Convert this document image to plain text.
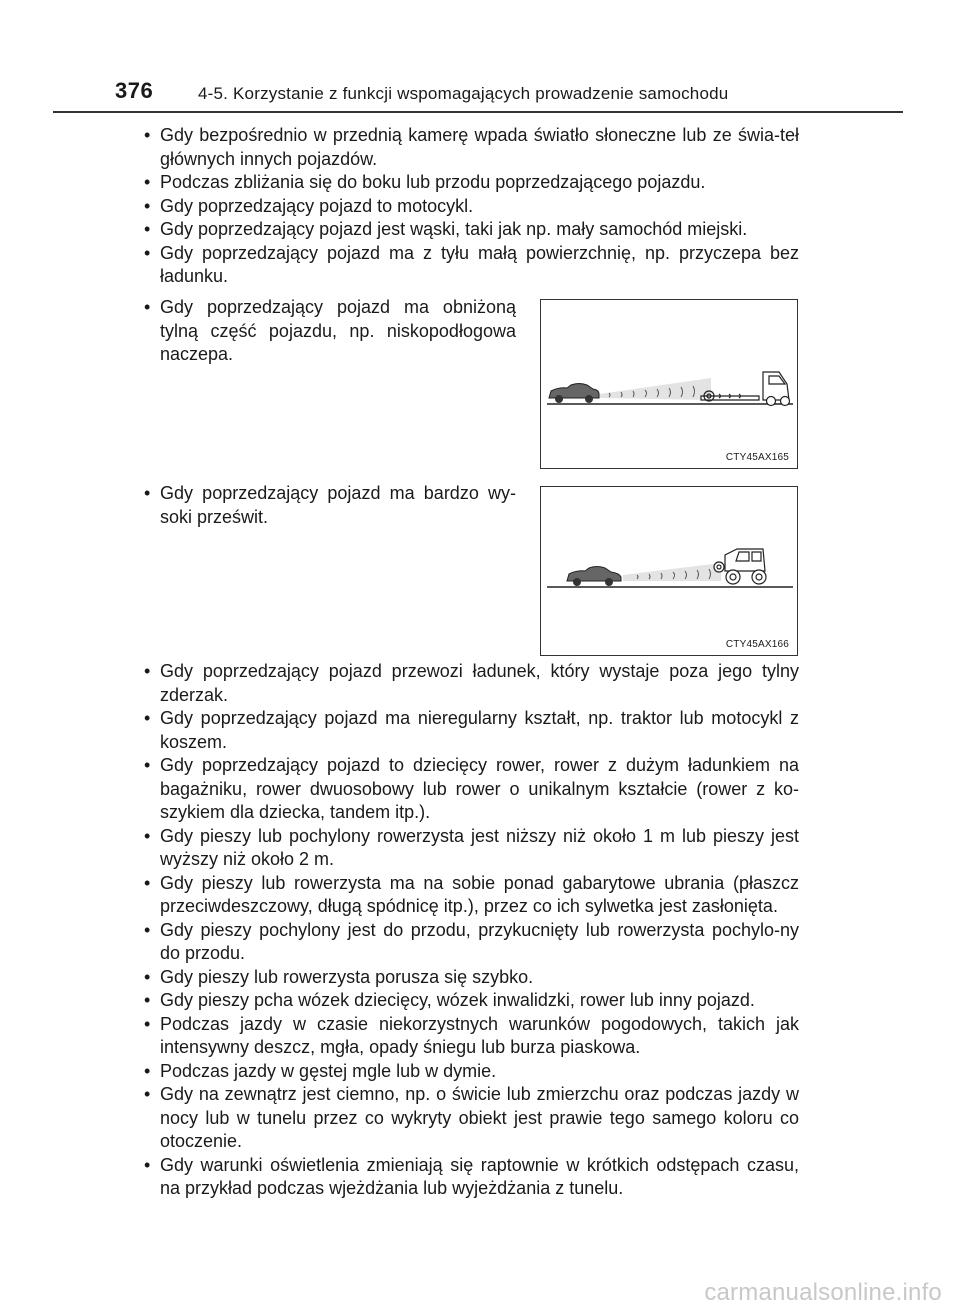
376	4-5. Korzystanie z funkcji wspomagających prowadzenie samochodu
• Gdy bezpośrednio w przednią kamerę wpada światło słoneczne lub ze świa-teł głównych innych pojazdów.
• Podczas zbliżania się do boku lub przodu poprzedzającego pojazdu.
• Gdy poprzedzający pojazd to motocykl.
• Gdy poprzedzający pojazd jest wąski, taki jak np. mały samochód miejski.
• Gdy poprzedzający pojazd ma z tyłu małą powierzchnię, np. przyczepa bez ładunku.
• Gdy poprzedzający pojazd ma obniżoną tylną część pojazdu, np. niskopodłogowa naczepa.
CTY45AX165
• Gdy poprzedzający pojazd ma bardzo wy-soki prześwit.
CTY45AX166
• Gdy poprzedzający pojazd przewozi ładunek, który wystaje poza jego tylny zderzak.
• Gdy poprzedzający pojazd ma nieregularny kształt, np. traktor lub motocykl z koszem.
• Gdy poprzedzający pojazd to dziecięcy rower, rower z dużym ładunkiem na bagażniku, rower dwuosobowy lub rower o unikalnym kształcie (rower z ko-szykiem dla dziecka, tandem itp.).
• Gdy pieszy lub pochylony rowerzysta jest niższy niż około 1 m lub pieszy jest wyższy niż około 2 m.
• Gdy pieszy lub rowerzysta ma na sobie ponad gabarytowe ubrania (płaszcz przeciwdeszczowy, długą spódnicę itp.), przez co ich sylwetka jest zasłonięta.
• Gdy pieszy pochylony jest do przodu, przykucnięty lub rowerzysta pochylo-ny do przodu.
• Gdy pieszy lub rowerzysta porusza się szybko.
• Gdy pieszy pcha wózek dziecięcy, wózek inwalidzki, rower lub inny pojazd.
• Podczas jazdy w czasie niekorzystnych warunków pogodowych, takich jak intensywny deszcz, mgła, opady śniegu lub burza piaskowa.
• Podczas jazdy w gęstej mgle lub w dymie.
• Gdy na zewnątrz jest ciemno, np. o świcie lub zmierzchu oraz podczas jazdy w nocy lub w tunelu przez co wykryty obiekt jest prawie tego samego koloru co otoczenie.
• Gdy warunki oświetlenia zmieniają się raptownie w krótkich odstępach czasu, na przykład podczas wjeżdżania lub wyjeżdżania z tunelu.
carmanualsonline.info
